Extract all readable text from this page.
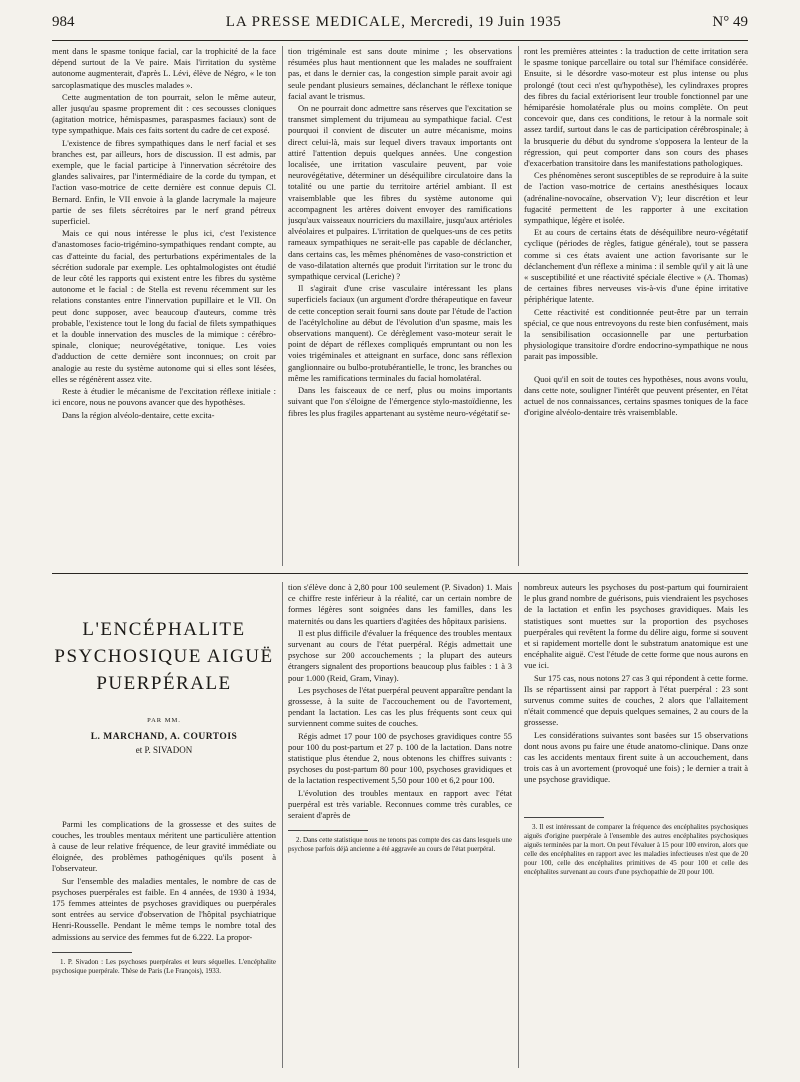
984	LA PRESSE MEDICALE, Mercredi, 19 Juin 1935	N° 49

ment dans le spasme tonique facial, car la trophicité de la face dépend surtout de la Ve paire. Mais l'irritation du système autonome augmenterait, d'après L. Lévi, élève de Négro, « le ton sarcoplasmatique des muscles malades ».

Cette augmentation de ton pourrait, selon le même auteur, aller jusqu'au spasme proprement dit : ces secousses cloniques (agitation motrice, hémispasmes, paraspasmes faciaux) sont de type sympathique. Mais ces faits sortent du cadre de cet exposé.

L'existence de fibres sympathiques dans le nerf facial et ses branches est, par ailleurs, hors de discussion. Il est admis, par exemple, que le facial participe à l'innervation sécrétoire des glandes salivaires, par l'intermédiaire de la corde du tympan, et l'action vaso-motrice de cette dernière est connue depuis Cl. Bernard. Enfin, le VII envoie à la glande lacrymale la majeure partie de ses filets sécrétoires par le nerf grand pétreux superficiel.

Mais ce qui nous intéresse le plus ici, c'est l'existence d'anastomoses facio-trigémino-sympathiques rendant compte, au cas d'atteinte du facial, des perturbations expérimentales de la sécrétion sudorale par exemple. Les ophtalmologistes ont étudié de leur côté les rapports qui existent entre les fibres du système autonome et le facial : de Stella est revenu récemment sur les relations constantes entre l'innervation pupillaire et le VII. On peut donc supposer, avec beaucoup d'auteurs, comme très probable, l'existence tout le long du facial de filets sympathiques et la double innervation des muscles de la mimique : cérébro-spinale, clonique; neurovégétative, tonique. Les voies d'adduction de cette dernière sont inconnues; on croit par analogie au reste du système autonome qui si elles sont lésées, elles se régénèrent assez vite.

Reste à étudier le mécanisme de l'excitation réflexe initiale : ici encore, nous ne pouvons avancer que des hypothèses.

Dans la région alvéolo-dentaire, cette excita-

tion trigéminale est sans doute minime ; les observations résumées plus haut mentionnent que les malades ne souffraient pas, et dans le dernier cas, la congestion simple parait avoir agi seule pendant plusieurs semaines, déclanchant le réflexe tonique facial avant le trismus.

On ne pourrait donc admettre sans réserves que l'excitation se transmet simplement du trijumeau au sympathique facial. C'est pourquoi il convient de discuter un autre mécanisme, moins direct celui-là, mais sur lequel divers travaux importants ont attiré l'attention depuis quelques années. Une congestion localisée, une irritation vasculaire peuvent, par voie neurovégétative, déterminer un déséquilibre circulatoire dans la totalité ou une partie du territoire artériel ambiant. Il est vraisemblable que les fibres du système autonome qui accompagnent les artères doivent envoyer des ramifications jusqu'aux vaisseaux nourriciers du maxillaire, jusqu'aux artérioles alvéolaires et pulpaires. L'irritation de quelques-uns de ces petits rameaux sympathiques ne serait-elle pas capable de déclancher, dans certains cas, les mêmes phénomènes de vaso-constriction et de vaso-dilatation alternés que produit l'irritation sur le tronc du sympathique cervical (Leriche) ?

Il s'agirait d'une crise vasculaire intéressant les plans superficiels faciaux (un argument d'ordre thérapeutique en faveur de cette conception serait fourni sans doute par l'étude de l'action de l'acétylcholine au début de l'évolution d'un spasme, mais les observations manquent). Ce dérèglement vaso-moteur serait le point de départ de réflexes compliqués empruntant ou non les voies trigéminales et atteignant en surface, donc sans réflexion ganglionnaire ou bulbo-protubérantielle, le tronc, les branches ou même les ramifications terminales du facial homolatéral.

Dans les faisceaux de ce nerf, plus ou moins importants suivant que l'on s'éloigne de l'émergence stylo-mastoïdienne, les fibres les plus fragiles appartenant au système neuro-végétatif se-

ront les premières atteintes : la traduction de cette irritation sera le spasme tonique parcellaire ou total sur l'hémiface considérée. Ensuite, si le désordre vaso-moteur est plus intense ou plus prolongé (tout ceci n'est qu'hypothèse), les cylindraxes propres des fibres du facial extériorisent leur trouble fonctionnel par une hémiparésie homolatérale plus ou moins complète. On peut concevoir que, dans ces conditions, le retour à la normale soit assez tardif, surtout dans le cas de participation cérébrospinale; à la brusquerie du début du syndrome s'opposera la lenteur de la régression, qui peut comporter dans son cours des phases d'exacerbation transitoire dans les manifestations pathologiques.

Ces phénomènes seront susceptibles de se reproduire à la suite de l'action vaso-motrice de certains anesthésiques locaux (adrénaline-novocaïne, observation V); leur discrétion et leur fugacité permettent de les rapporter à une excitation sympathique, légère et isolée.

Et au cours de certains états de déséquilibre neuro-végétatif cyclique (périodes de règles, fatigue générale), tout se passera comme si ces états avaient une action favorisante sur le déclanchement d'un réflexe a minima : il semble qu'il y ait là une « susceptibilité et une réactivité spéciale élective » (A. Thomas) de certaines fibres nerveuses vis-à-vis d'une épine irritative périphérique latente.

Cette réactivité est conditionnée peut-être par un terrain spécial, ce que nous entrevoyons du reste bien confusément, mais la sensibilisation occasionnelle par une perturbation physiologique transitoire d'ordre endocrino-sympathique ne nous parait pas impossible.

Quoi qu'il en soit de toutes ces hypothèses, nous avons voulu, dans cette note, souligner l'intérêt que peuvent présenter, en l'état actuel de nos connaissances, certains spasmes toniques de la face d'origine alvéolo-dentaire très vraisemblable.

L'ENCÉPHALITE
PSYCHOSIQUE AIGUË
PUERPÉRALE
PAR MM.
L. MARCHAND, A. COURTOIS
et P. SIVADON

Parmi les complications de la grossesse et des suites de couches, les troubles mentaux méritent une particulière attention à cause de leur relative fréquence, de leur gravité immédiate ou éloignée, des problèmes pathogéniques qu'ils posent à l'observateur.

Sur l'ensemble des maladies mentales, le nombre de cas de psychoses puerpérales est faible. En 4 années, de 1930 à 1934, 175 femmes atteintes de psychoses gravidiques ou puerpérales sont entrées au service d'observation de l'hôpital psychiatrique Henri-Rousselle. Pendant le même temps le nombre total des admissions au service des femmes fut de 6.222. La propor-

1. P. Sivadon : Les psychoses puerpérales et leurs séquelles. L'encéphalite psychosique puerpérale. Thèse de Paris (Le François), 1933.

tion s'élève donc à 2,80 pour 100 seulement (P. Sivadon) 1. Mais ce chiffre reste inférieur à la réalité, car un certain nombre de formes légères sont soignées dans les familles, dans les maternités ou dans les quartiers d'agitées des hôpitaux parisiens.

Il est plus difficile d'évaluer la fréquence des troubles mentaux survenant au cours de l'état puerpéral. Régis admettait une psychose sur 200 accouchements ; la plupart des auteurs étrangers signalent des proportions beaucoup plus faibles : 1 à 3 pour 1.000 (Reid, Gram, Vinay).

Les psychoses de l'état puerpéral peuvent apparaître pendant la grossesse, à la suite de l'accouchement ou de l'avortement, pendant la lactation. Les cas les plus fréquents sont ceux qui surviennent comme suites de couches.

Régis admet 17 pour 100 de psychoses gravidiques contre 55 pour 100 du post-partum et 27 p. 100 de la lactation. Dans notre statistique plus étendue 2, nous obtenons les chiffres suivants : psychoses du post-partum 80 pour 100, psychoses gravidiques et de la lactation respectivement 5,50 pour 100 et 6,2 pour 100.

L'évolution des troubles mentaux en rapport avec l'état puerpéral est très variable. Reconnues comme très curables, ce seraient d'après de

2. Dans cette statistique nous ne tenons pas compte des cas dans lesquels une psychose parfois déjà ancienne a été aggravée au cours de l'état puerpéral.

nombreux auteurs les psychoses du post-partum qui fourniraient le plus grand nombre de guérisons, puis viendraient les psychoses de la lactation et enfin les psychoses gravidiques. Mais les statistiques sont muettes sur la proportion des psychoses puerpérales qui revêtent la forme du délire aigu, forme si souvent et si rapidement mortelle dont le substratum anatomique est une encéphalite aiguë. C'est l'étude de cette forme que nous aurons en vue ici.

Sur 175 cas, nous notons 27 cas 3 qui répondent à cette forme. Ils se répartissent ainsi par rapport à l'état puerpéral : 23 sont survenus comme suites de couches, 2 alors que l'allaitement n'était commencé que depuis quelques semaines, 2 au cours de la grossesse.

Les considérations suivantes sont basées sur 15 observations dont nous avons pu faire une étude anatomo-clinique. Dans onze cas les accidents mentaux firent suite à un accouchement, dans trois cas à un avortement (provoqué une fois) ; le dernier a trait à une psychose gravidique.

3. Il est intéressant de comparer la fréquence des encéphalites psychosiques aiguës d'origine puerpérale à l'ensemble des autres encéphalites psychosiques aiguës terminées par la mort. On peut l'évaluer à 15 pour 100 environ, alors que celle des encéphalites en rapport avec les maladies infectieuses n'est que de 20 pour 100, celle des encéphalites primitives de 45 pour 100 et celle des encéphalites survenant au cours d'une psychopathie de 20 pour 100.
